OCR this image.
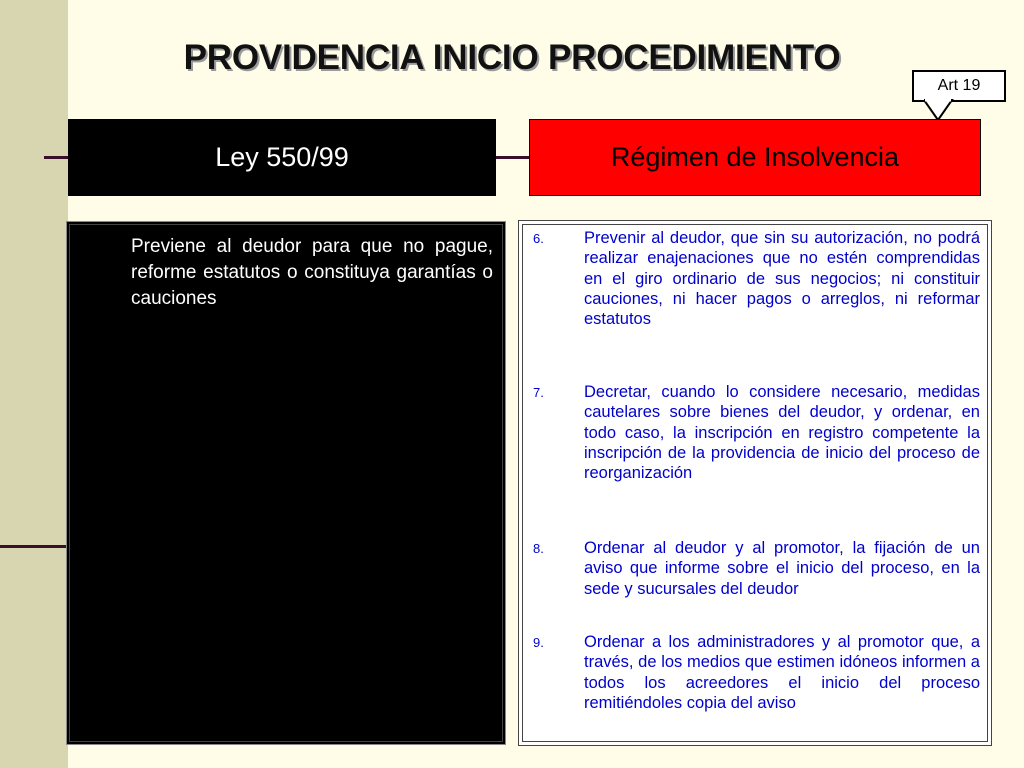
PROVIDENCIA INICIO PROCEDIMIENTO
Art 19
Ley 550/99	Régimen de Insolvencia
Previene al deudor para que no pague, reforme estatutos o constituya garantías o cauciones
6. Prevenir al deudor, que sin su autorización, no podrá realizar enajenaciones que no estén comprendidas en el giro ordinario de sus negocios; ni constituir cauciones, ni hacer pagos o arreglos, ni reformar estatutos
7. Decretar, cuando lo considere necesario, medidas cautelares sobre bienes del deudor, y ordenar, en todo caso, la inscripción en registro competente la inscripción de la providencia de inicio del proceso de reorganización
8. Ordenar al deudor y al promotor, la fijación de un aviso que informe sobre el inicio del proceso, en la sede y sucursales del deudor
9. Ordenar a los administradores y al promotor que, a través, de los medios que estimen idóneos informen a todos los acreedores el inicio del proceso remitiéndoles copia del aviso
